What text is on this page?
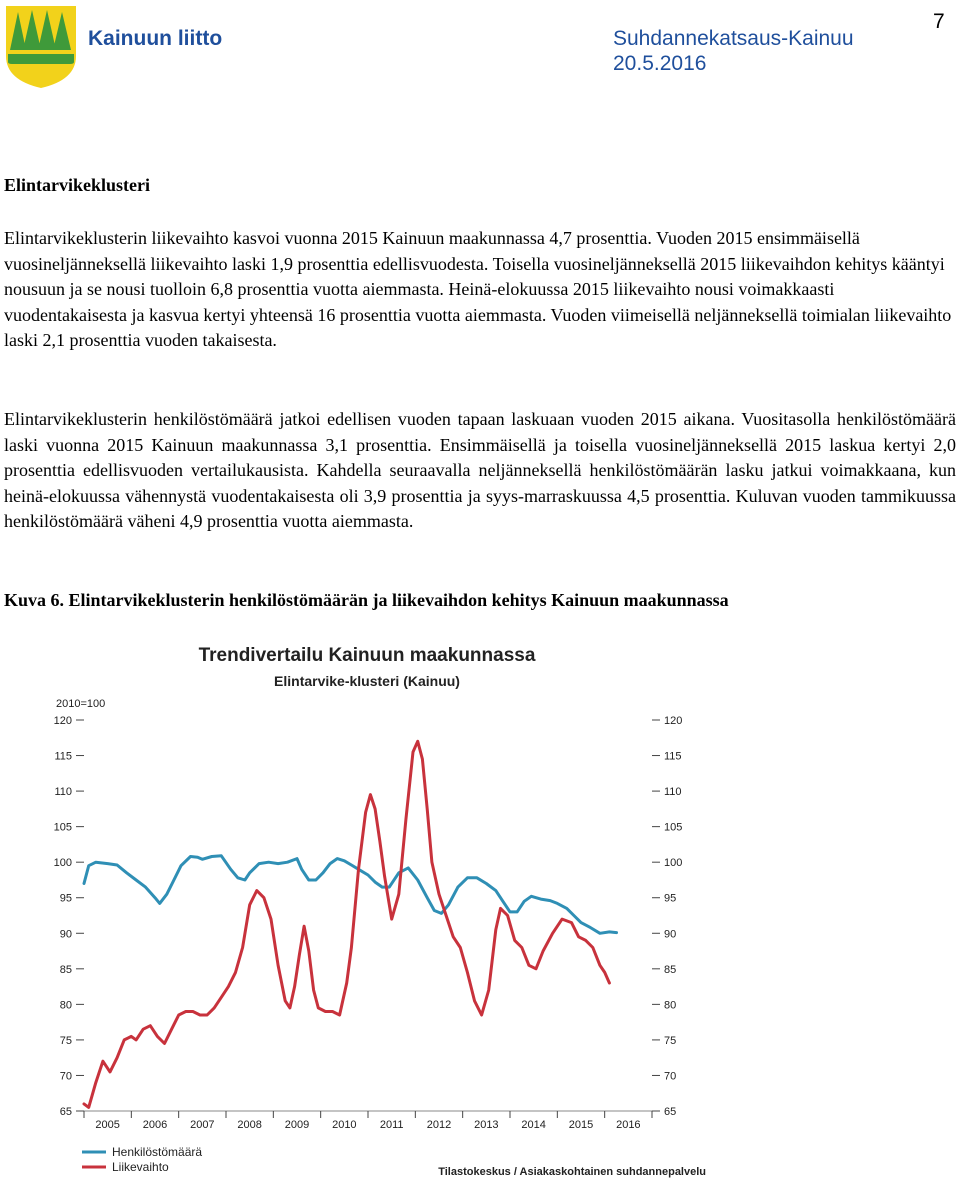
Kainuun liitto	Suhdannekatsaus-Kainuu
20.5.2016
7
Elintarvikeklusteri
Elintarvikeklusterin liikevaihto kasvoi vuonna 2015 Kainuun maakunnassa 4,7 prosenttia. Vuoden 2015 ensimmäisellä vuosineljänneksellä liikevaihto laski 1,9 prosenttia edellisvuodesta. Toisella vuosineljänneksellä 2015 liikevaihdon kehitys kääntyi nousuun ja se nousi tuolloin 6,8 prosenttia vuotta aiemmasta. Heinä-elokuussa 2015 liikevaihto nousi voimakkaasti vuodentakaisesta ja kasvua kertyi yhteensä 16 prosenttia vuotta aiemmasta. Vuoden viimeisellä neljänneksellä toimialan liikevaihto laski 2,1 prosenttia vuoden takaisesta.
Elintarvikeklusterin henkilöstömäärä jatkoi edellisen vuoden tapaan laskuaan vuoden 2015 aikana. Vuositasolla henkilöstömäärä laski vuonna 2015 Kainuun maakunnassa 3,1 prosenttia. Ensimmäisellä ja toisella vuosineljänneksellä 2015 laskua kertyi 2,0 prosenttia edellisvuoden vertailukausista. Kahdella seuraavalla neljänneksellä henkilöstömäärän lasku jatkui voimakkaana, kun heinä-elokuussa vähennystä vuodentakaisesta oli 3,9 prosenttia ja syys-marraskuussa 4,5 prosenttia. Kuluvan vuoden tammikuussa henkilöstömäärä väheni 4,9 prosenttia vuotta aiemmasta.
Kuva 6. Elintarvikeklusterin henkilöstömäärän ja liikevaihdon kehitys Kainuun maakunnassa
Trendivertailu Kainuun maakunnassa
Elintarvike-klusteri (Kainuu)
2010=100
65	65
70	70
75	75
80	80
85	85
90	90
95	95
100	100
105	105
110	110
115	115
120	120
2005 2006 2007 2008 2009 2010 2011 2012 2013 2014 2015 2016
Henkilöstömäärä
Liikevaihto	Tilastokeskus / Asiakaskohtainen suhdannepalvelu
